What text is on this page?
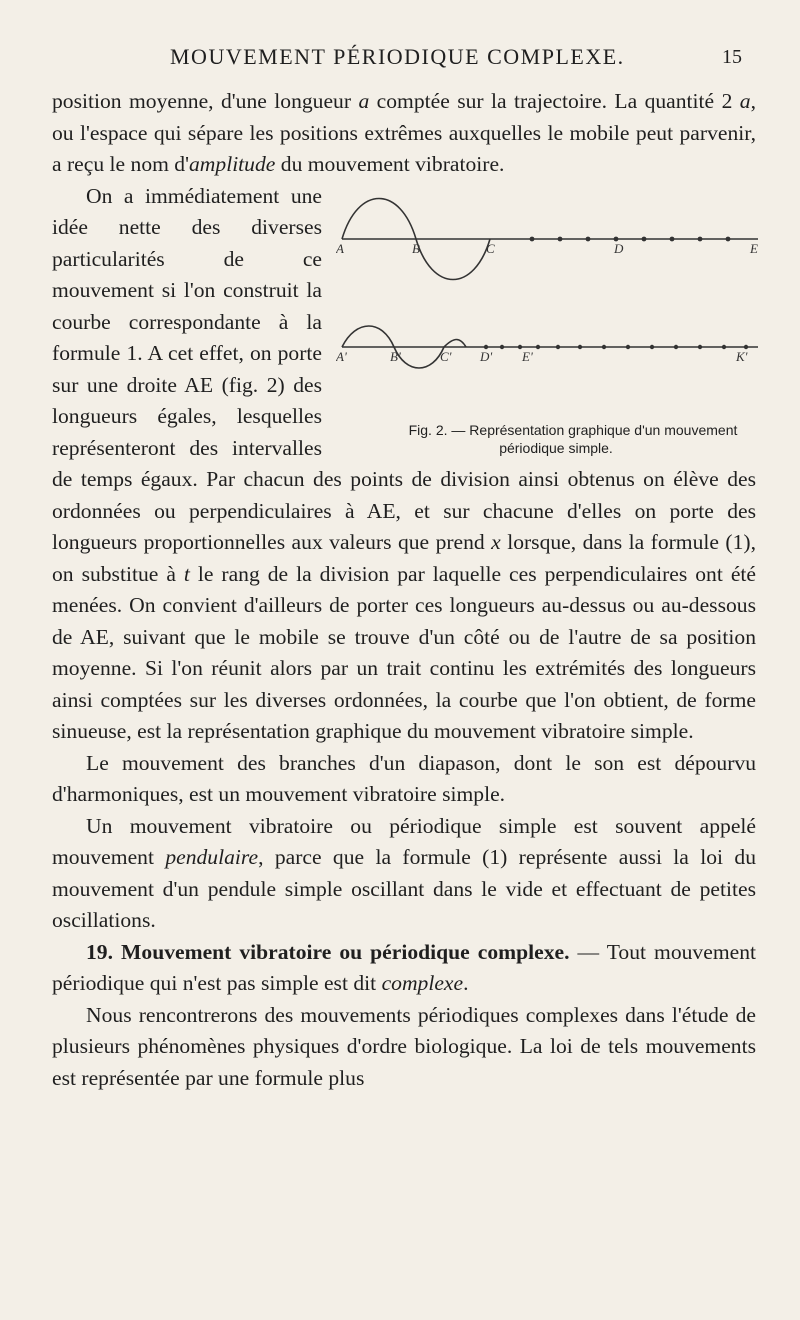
MOUVEMENT PÉRIODIQUE COMPLEXE.	15

position moyenne, d'une longueur a comptée sur la trajectoire. La quantité 2 a, ou l'espace qui sépare les positions extrêmes auxquelles le mobile peut parvenir, a reçu le nom d'amplitude du mouvement vibratoire.

A	B	C	D	E
A'	B'	C' D' E'	K'
Fig. 2. — Représentation graphique d'un mouvement périodique simple.
On a immédiatement une idée nette des diverses particularités de ce mouvement si l'on construit la courbe correspondante à la formule 1. A cet effet, on porte sur une droite AE (fig. 2) des longueurs égales, lesquelles représenteront des intervalles de temps égaux. Par chacun des points de division ainsi obtenus on élève des ordonnées ou perpendiculaires à AE, et sur chacune d'elles on porte des longueurs proportionnelles aux valeurs que prend x lorsque, dans la formule (1), on substitue à t le rang de la division par laquelle ces perpendiculaires ont été menées. On convient d'ailleurs de porter ces longueurs au-dessus ou au-dessous de AE, suivant que le mobile se trouve d'un côté ou de l'autre de sa position moyenne. Si l'on réunit alors par un trait continu les extrémités des longueurs ainsi comptées sur les diverses ordonnées, la courbe que l'on obtient, de forme sinueuse, est la représentation graphique du mouvement vibratoire simple.

Le mouvement des branches d'un diapason, dont le son est dépourvu d'harmoniques, est un mouvement vibratoire simple.

Un mouvement vibratoire ou périodique simple est souvent appelé mouvement pendulaire, parce que la formule (1) représente aussi la loi du mouvement d'un pendule simple oscillant dans le vide et effectuant de petites oscillations.

19. Mouvement vibratoire ou périodique complexe. — Tout mouvement périodique qui n'est pas simple est dit complexe.

Nous rencontrerons des mouvements périodiques complexes dans l'étude de plusieurs phénomènes physiques d'ordre biologique. La loi de tels mouvements est représentée par une formule plus
